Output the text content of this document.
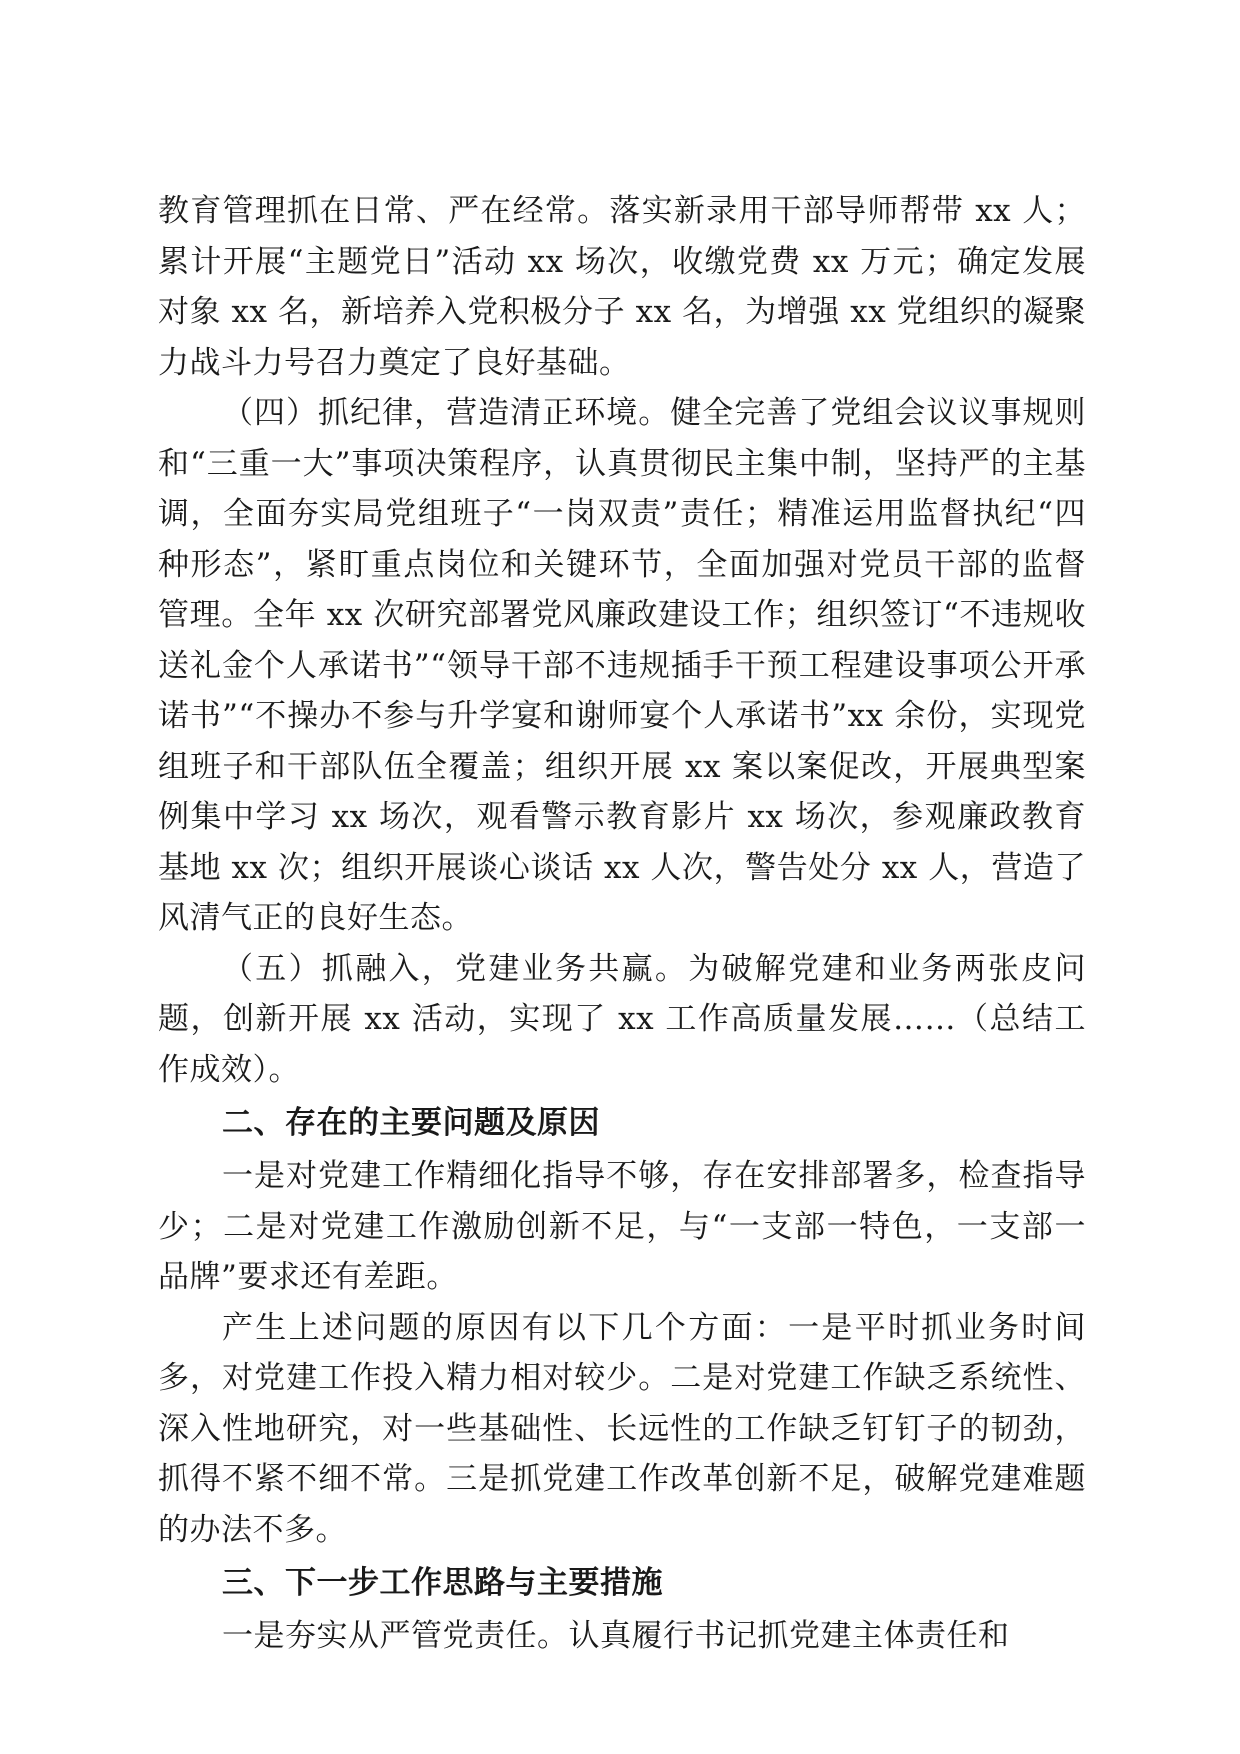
教育管理抓在日常、严在经常。落实新录用干部导师帮带 xx 人；累计开展“主题党日”活动 xx 场次，收缴党费 xx 万元；确定发展对象 xx 名，新培养入党积极分子 xx 名，为增强 xx 党组织的凝聚力战斗力号召力奠定了良好基础。

（四）抓纪律，营造清正环境。健全完善了党组会议议事规则和“三重一大”事项决策程序，认真贯彻民主集中制，坚持严的主基调，全面夯实局党组班子“一岗双责”责任；精准运用监督执纪“四种形态”，紧盯重点岗位和关键环节，全面加强对党员干部的监督管理。全年 xx 次研究部署党风廉政建设工作；组织签订“不违规收送礼金个人承诺书”“领导干部不违规插手干预工程建设事项公开承诺书”“不操办不参与升学宴和谢师宴个人承诺书”xx 余份，实现党组班子和干部队伍全覆盖；组织开展 xx 案以案促改，开展典型案例集中学习 xx 场次，观看警示教育影片 xx 场次，参观廉政教育基地 xx 次；组织开展谈心谈话 xx 人次，警告处分 xx 人，营造了风清气正的良好生态。

（五）抓融入，党建业务共赢。为破解党建和业务两张皮问题，创新开展 xx 活动，实现了 xx 工作高质量发展……（总结工作成效）。

二、存在的主要问题及原因

一是对党建工作精细化指导不够，存在安排部署多，检查指导少；二是对党建工作激励创新不足，与“一支部一特色，一支部一品牌”要求还有差距。

产生上述问题的原因有以下几个方面：一是平时抓业务时间多，对党建工作投入精力相对较少。二是对党建工作缺乏系统性、深入性地研究，对一些基础性、长远性的工作缺乏钉钉子的韧劲，抓得不紧不细不常。三是抓党建工作改革创新不足，破解党建难题的办法不多。

三、下一步工作思路与主要措施

一是夯实从严管党责任。认真履行书记抓党建主体责任和
